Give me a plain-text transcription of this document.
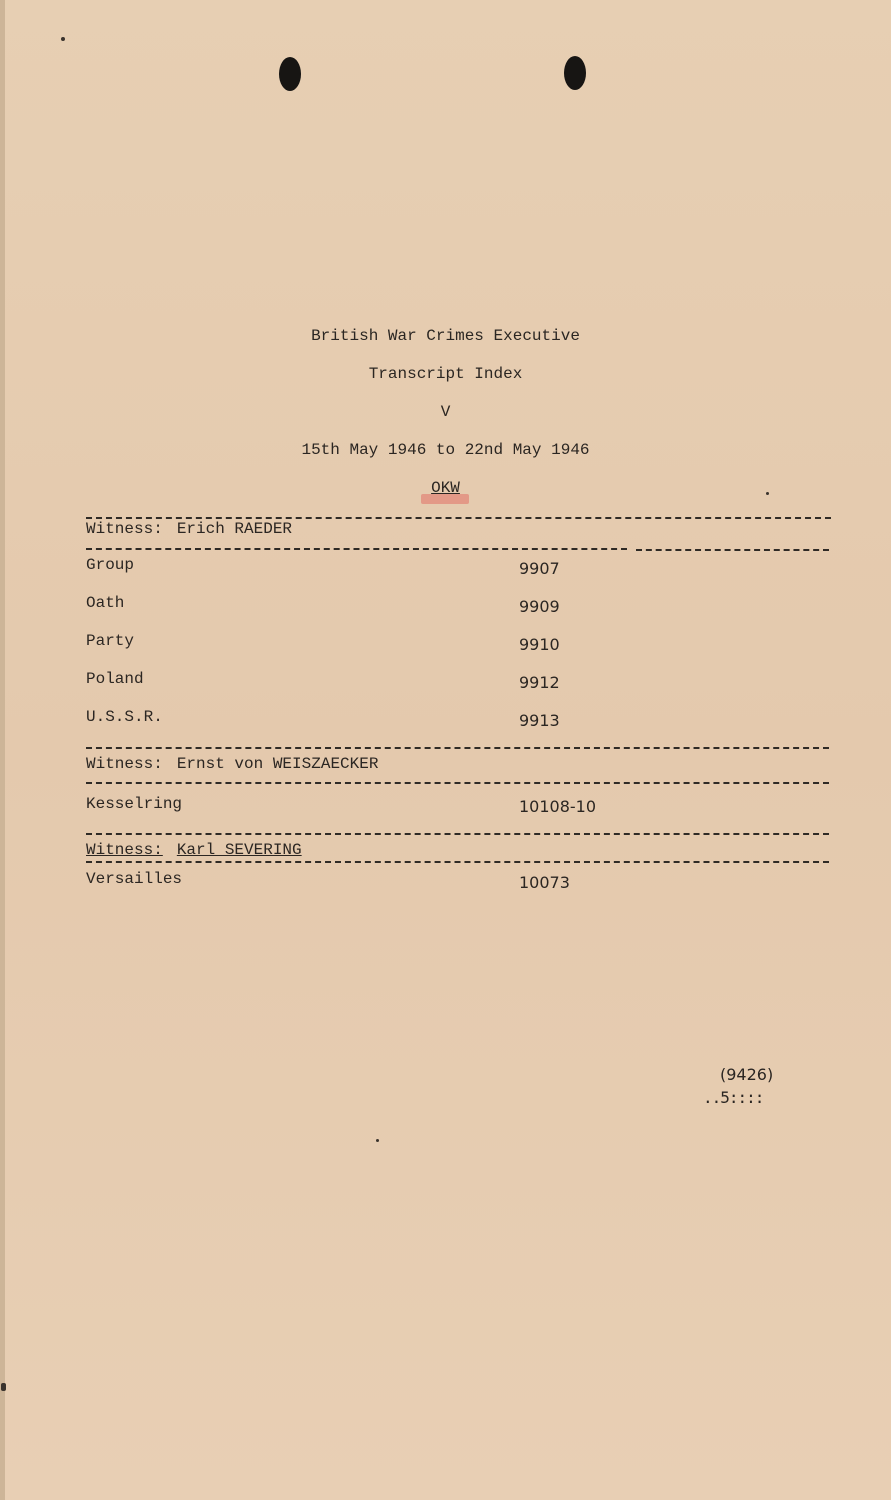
British War Crimes Executive
Transcript Index
V
15th May 1946 to 22nd May 1946
OKW
Witness: Erich RAEDER
Group	9907
Oath	9909
Party	9910
Poland	9912
U.S.S.R.	9913
Witness: Ernst von WEISZAECKER
Kesselring	10108-10
Witness: Karl SEVERING
Versailles	10073
(9426)
..5::::
